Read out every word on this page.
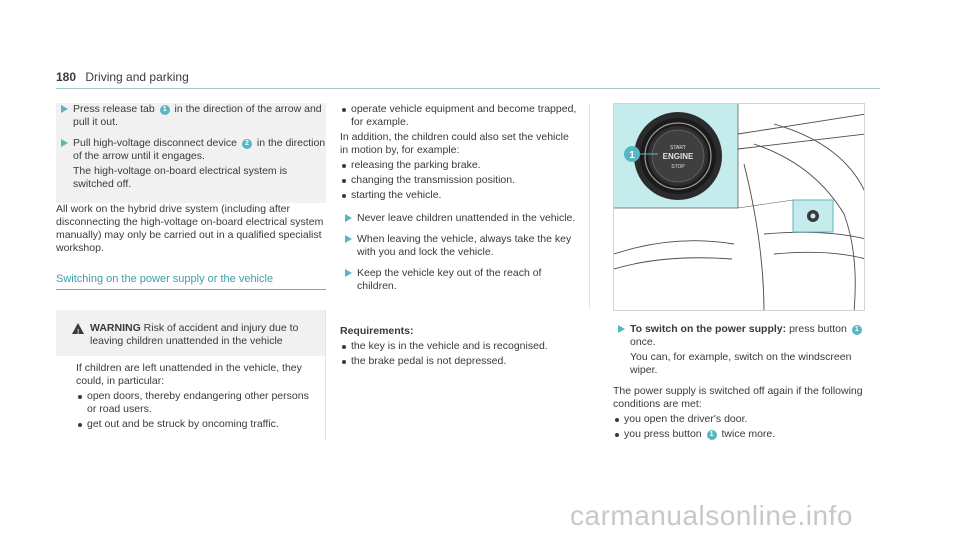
180 Driving and parking

Press release tab 1 in the direction of the arrow and pull it out.

Pull high-voltage disconnect device 2 in the direction of the arrow until it engages.

The high-voltage on-board electrical system is switched off.

All work on the hybrid drive system (including after disconnecting the high-voltage on-board electrical system manually) may only be carried out in a qualified specialist workshop.

Switching on the power supply or the vehicle
! WARNING Risk of accident and injury due to leaving children unattended in the vehicle

If children are left unattended in the vehicle, they could, in particular:

open doors, thereby endangering other persons or road users.
get out and be struck by oncoming traffic.
operate vehicle equipment and become trapped, for example.

In addition, the children could also set the vehicle in motion by, for example:

releasing the parking brake.
changing the transmission position.
starting the vehicle.

Never leave children unattended in the vehicle.

When leaving the vehicle, always take the key with you and lock the vehicle.

Keep the vehicle key out of the reach of children.

Requirements:

the key is in the vehicle and is recognised.
the brake pedal is not depressed.
START
ENGINE
STOP
1

To switch on the power supply: press button 1 once.

You can, for example, switch on the windscreen wiper.

The power supply is switched off again if the following conditions are met:

you open the driver's door.
you press button 1 twice more.
carmanualsonline.info
